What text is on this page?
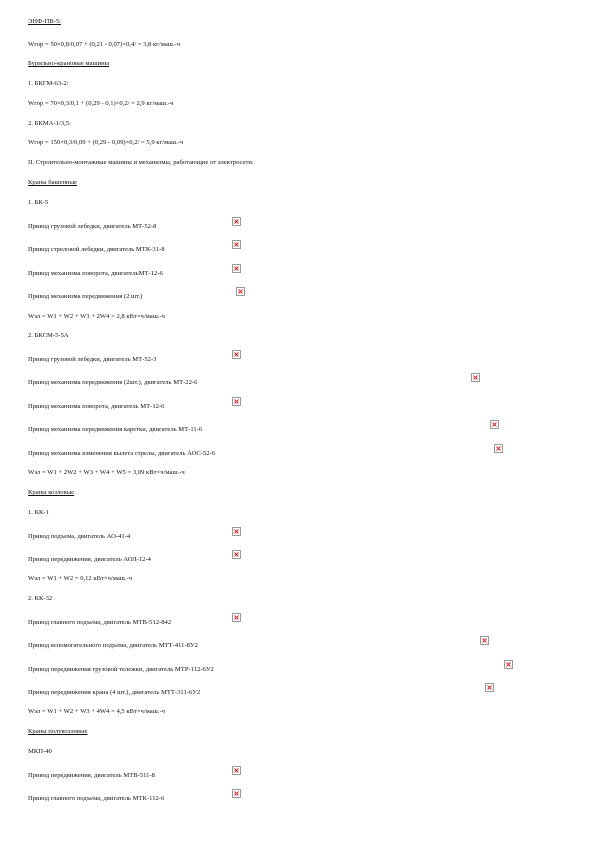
ЭНФ-ПВ-5:
Wгор = 50×0,8/0,07 + (0,21 - 0,07)×0,4/ = 3,8 кг/маш.-ч
Бурильно-крановые машины
1. БКГМ-63-2:
Wгор = 70×0,3/0,1 + (0,29 - 0,1)×0,2/ = 2,9 кг/маш.-ч
2. БКМА-1/3,5:
Wгор = 150×0,3/0,09 + (0,29 - 0,09)×0,2/ = 5,9 кг/маш.-ч
II. Строительно-монтажные машины и механизмы, работающие от электросети.
Краны башенные
1. БК-5
Привод грузовой лебедки, двигатель МТ-52-8
Привод стреловой лебедки, двигатель МТК-31-8
Привод механизма поворота, двигательМТ-12-6
Привод механизма передвижения (2 шт.)
Wэл = W1 + W2 + W3 + 2W4 = 2,8 кВт×ч/маш.-ч
2. БКСМ-5-5А
Привод грузовой лебедки, двигатель МТ-52-3
Привод механизма передвижения (2шт.), двигатель МТ-22-6
Привод механизма поворота, двигатель МТ-12-6
Привод механизма передвижения каретки, двигатель МТ-11-6
Привод механизма изменения вылета стрелы, двигатель АОС-52-6
Wэл = W1 + 2W2 + W3 + W4 + W5 = 3,09 кВт×ч/маш.-ч
Краны козловые
1. КК-1
Привод подъема, двигатель АО-41-4
Привод передвижения, двигатель АОЛ-12-4
Wэл = W1 + W2 = 0,12 кВт×ч/маш.-ч
2. КК-32
Привод главного подъема, двигатель МТВ-512-842
Привод вспомогательного подъема, двигатель МТТ-411-8У2
Привод передвижения грузовой тележки, двигатель МТР-112-6У2
Привод передвижения крана (4 шт.), двигатель МТТ-311-6У2
Wэл = W1 + W2 + W3 + 4W4 = 4,5 кВт×ч/маш.-ч
Краны полукозловые
МКП-40
Привод передвижения, двигатель МТВ-511-8
Привод главного подъема, двигатель МТК-112-6
